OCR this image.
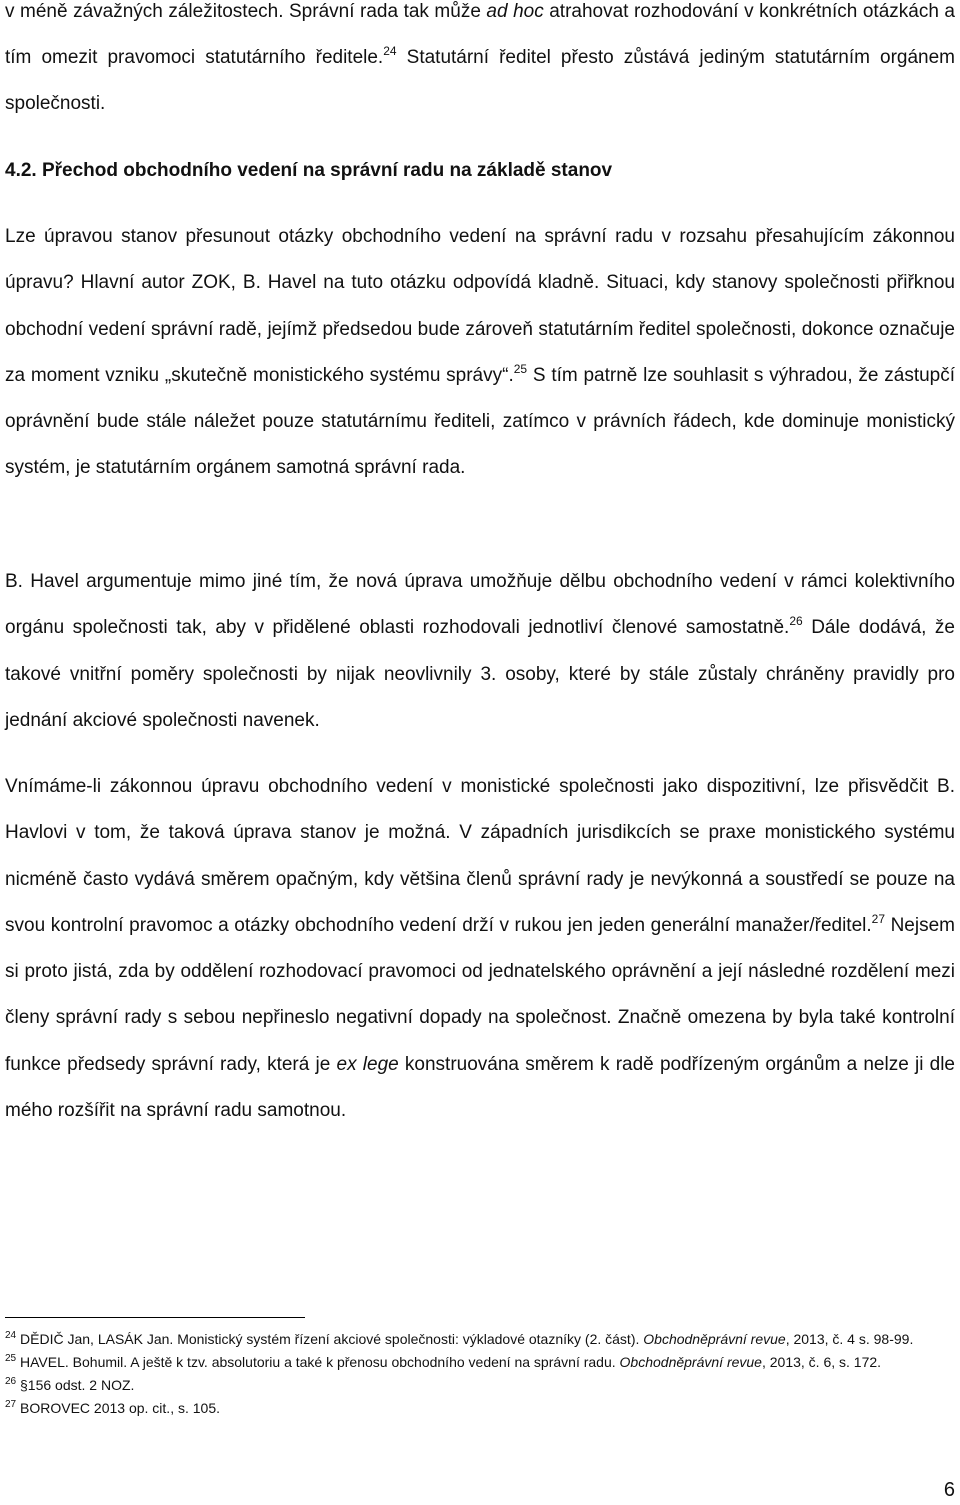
v méně závažných záležitostech. Správní rada tak může ad hoc atrahovat rozhodování v konkrétních otázkách a tím omezit pravomoci statutárního ředitele.$^{24}$ Statutární ředitel přesto zůstává jediným statutárním orgánem společnosti.

4.2. Přechod obchodního vedení na správní radu na základě stanov

Lze úpravou stanov přesunout otázky obchodního vedení na správní radu v rozsahu přesahujícím zákonnou úpravu? Hlavní autor ZOK, B. Havel na tuto otázku odpovídá kladně. Situaci, kdy stanovy společnosti přiřknou obchodní vedení správní radě, jejímž předsedou bude zároveň statutárním ředitel společnosti, dokonce označuje za moment vzniku „skutečně monistického systému správy“.$^{25}$ S tím patrně lze souhlasit s výhradou, že zástupčí oprávnění bude stále náležet pouze statutárnímu řediteli, zatímco v právních řádech, kde dominuje monistický systém, je statutárním orgánem samotná správní rada.

B. Havel argumentuje mimo jiné tím, že nová úprava umožňuje dělbu obchodního vedení v rámci kolektivního orgánu společnosti tak, aby v přidělené oblasti rozhodovali jednotliví členové samostatně.$^{26}$ Dále dodává, že takové vnitřní poměry společnosti by nijak neovlivnily 3. osoby, které by stále zůstaly chráněny pravidly pro jednání akciové společnosti navenek.

Vnímáme-li zákonnou úpravu obchodního vedení v monistické společnosti jako dispozitivní, lze přisvědčit B. Havlovi v tom, že taková úprava stanov je možná. V západních jurisdikcích se praxe monistického systému nicméně často vydává směrem opačným, kdy většina členů správní rady je nevýkonná a soustředí se pouze na svou kontrolní pravomoc a otázky obchodního vedení drží v rukou jen jeden generální manažer/ředitel.$^{27}$ Nejsem si proto jistá, zda by oddělení rozhodovací pravomoci od jednatelského oprávnění a její následné rozdělení mezi členy správní rady s sebou nepřineslo negativní dopady na společnost. Značně omezena by byla také kontrolní funkce předsedy správní rady, která je ex lege konstruována směrem k radě podřízeným orgánům a nelze ji dle mého rozšířit na správní radu samotnou.

$^{24}$ DĚDIČ Jan, LASÁK Jan. Monistický systém řízení akciové společnosti: výkladové otazníky (2. část). Obchodněprávní revue, 2013, č. 4 s. 98-99.

$^{25}$ HAVEL. Bohumil. A ještě k tzv. absolutoriu a také k přenosu obchodního vedení na správní radu. Obchodněprávní revue, 2013, č. 6, s. 172.

$^{26}$ §156 odst. 2 NOZ.

$^{27}$ BOROVEC 2013 op. cit., s. 105.

6
